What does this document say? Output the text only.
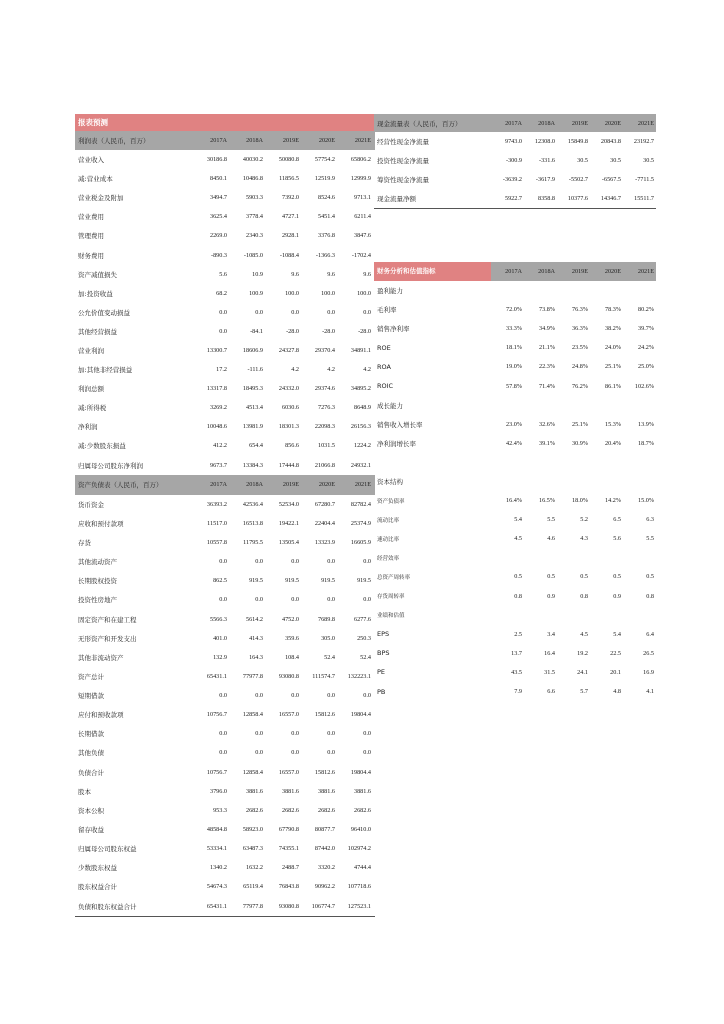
报表预测
利润表（人民币，百万）	2017A	2018A	2019E	2020E	2021E
营业收入	30186.8	40030.2	50080.8	57754.2	65806.2
减:营业成本	8450.1	10486.8	11856.5	12519.9	12999.9
营业税金及附加	3494.7	5903.3	7392.0	8524.6	9713.1
营业费用	3625.4	3778.4	4727.1	5451.4	6211.4
管理费用	2269.0	2340.3	2928.1	3376.8	3847.6
财务费用	-890.3	-1085.0	-1088.4	-1366.3	-1702.4
资产减值损失	5.6	10.9	9.6	9.6	9.6
加:投资收益	68.2	100.9	100.0	100.0	100.0
公允价值变动损益	0.0	0.0	0.0	0.0	0.0
其他经营损益	0.0	-84.1	-28.0	-28.0	-28.0
营业利润	13300.7	18606.9	24327.8	29370.4	34891.1
加:其他非经营损益	17.2	-111.6	4.2	4.2	4.2
利润总额	13317.8	18495.3	24332.0	29374.6	34895.2
减:所得税	3269.2	4513.4	6030.6	7276.3	8648.9
净利润	10048.6	13981.9	18301.3	22098.3	26156.3
减:少数股东损益	412.2	654.4	856.6	1031.5	1224.2
归属母公司股东净利润	9673.7	13384.3	17444.8	21066.8	24932.1
资产负债表（人民币，百万）	2017A	2018A	2019E	2020E	2021E
货币资金	36393.2	42536.4	52534.0	67280.7	82782.4
应收和预付款项	11517.0	16513.8	19422.1	22404.4	25374.9
存货	10557.8	11795.5	13505.4	13323.9	16605.9
其他流动资产	0.0	0.0	0.0	0.0	0.0
长期股权投资	862.5	919.5	919.5	919.5	919.5
投资性房地产	0.0	0.0	0.0	0.0	0.0
固定资产和在建工程	5566.3	5614.2	4752.0	7689.8	6277.6
无形资产和开发支出	401.0	414.3	359.6	305.0	250.3
其他非流动资产	132.9	164.3	108.4	52.4	52.4
资产总计	65431.1	77977.8	93080.8	111574.7	132223.1
短期借款	0.0	0.0	0.0	0.0	0.0
应付和预收款项	10756.7	12858.4	16557.0	15812.6	19804.4
长期借款	0.0	0.0	0.0	0.0	0.0
其他负债	0.0	0.0	0.0	0.0	0.0
负债合计	10756.7	12858.4	16557.0	15812.6	19804.4
股本	3796.0	3881.6	3881.6	3881.6	3881.6
资本公积	953.3	2682.6	2682.6	2682.6	2682.6
留存收益	48584.8	58923.0	67790.8	80877.7	96410.0
归属母公司股东权益	53334.1	63487.3	74355.1	87442.0	102974.2
少数股东权益	1340.2	1632.2	2488.7	3320.2	4744.4
股东权益合计	54674.3	65119.4	76843.8	90962.2	107718.6
负债和股东权益合计	65431.1	77977.8	93080.8	106774.7	127523.1
现金流量表（人民币，百万）	2017A	2018A	2019E	2020E	2021E
经营性现金净流量	9743.0	12308.0	15849.8	20843.8	23192.7
投资性现金净流量	-300.9	-331.6	30.5	30.5	30.5
筹资性现金净流量	-3639.2	-3617.9	-5502.7	-6567.5	-7711.5
现金流量净额	5922.7	8358.8	10377.6	14346.7	15511.7
财务分析和估值指标	2017A	2018A	2019E	2020E	2021E
盈利能力
毛利率	72.0%	73.8%	76.3%	78.3%	80.2%
销售净利率	33.3%	34.9%	36.3%	38.2%	39.7%
ROE	18.1%	21.1%	23.5%	24.0%	24.2%
ROA	19.0%	22.3%	24.8%	25.1%	25.0%
ROIC	57.8%	71.4%	76.2%	86.1%	102.6%
成长能力
销售收入增长率	23.0%	32.6%	25.1%	15.3%	13.9%
净利润增长率	42.4%	39.1%	30.9%	20.4%	18.7%
资本结构
资产负债率	16.4%	16.5%	18.0%	14.2%	15.0%
流动比率	5.4	5.5	5.2	6.5	6.3
速动比率	4.5	4.6	4.3	5.6	5.5
经营效率
总资产周转率	0.5	0.5	0.5	0.5	0.5
存货周转率	0.8	0.9	0.8	0.9	0.8
业绩和估值
EPS	2.5	3.4	4.5	5.4	6.4
BPS	13.7	16.4	19.2	22.5	26.5
PE	43.5	31.5	24.1	20.1	16.9
PB	7.9	6.6	5.7	4.8	4.1
